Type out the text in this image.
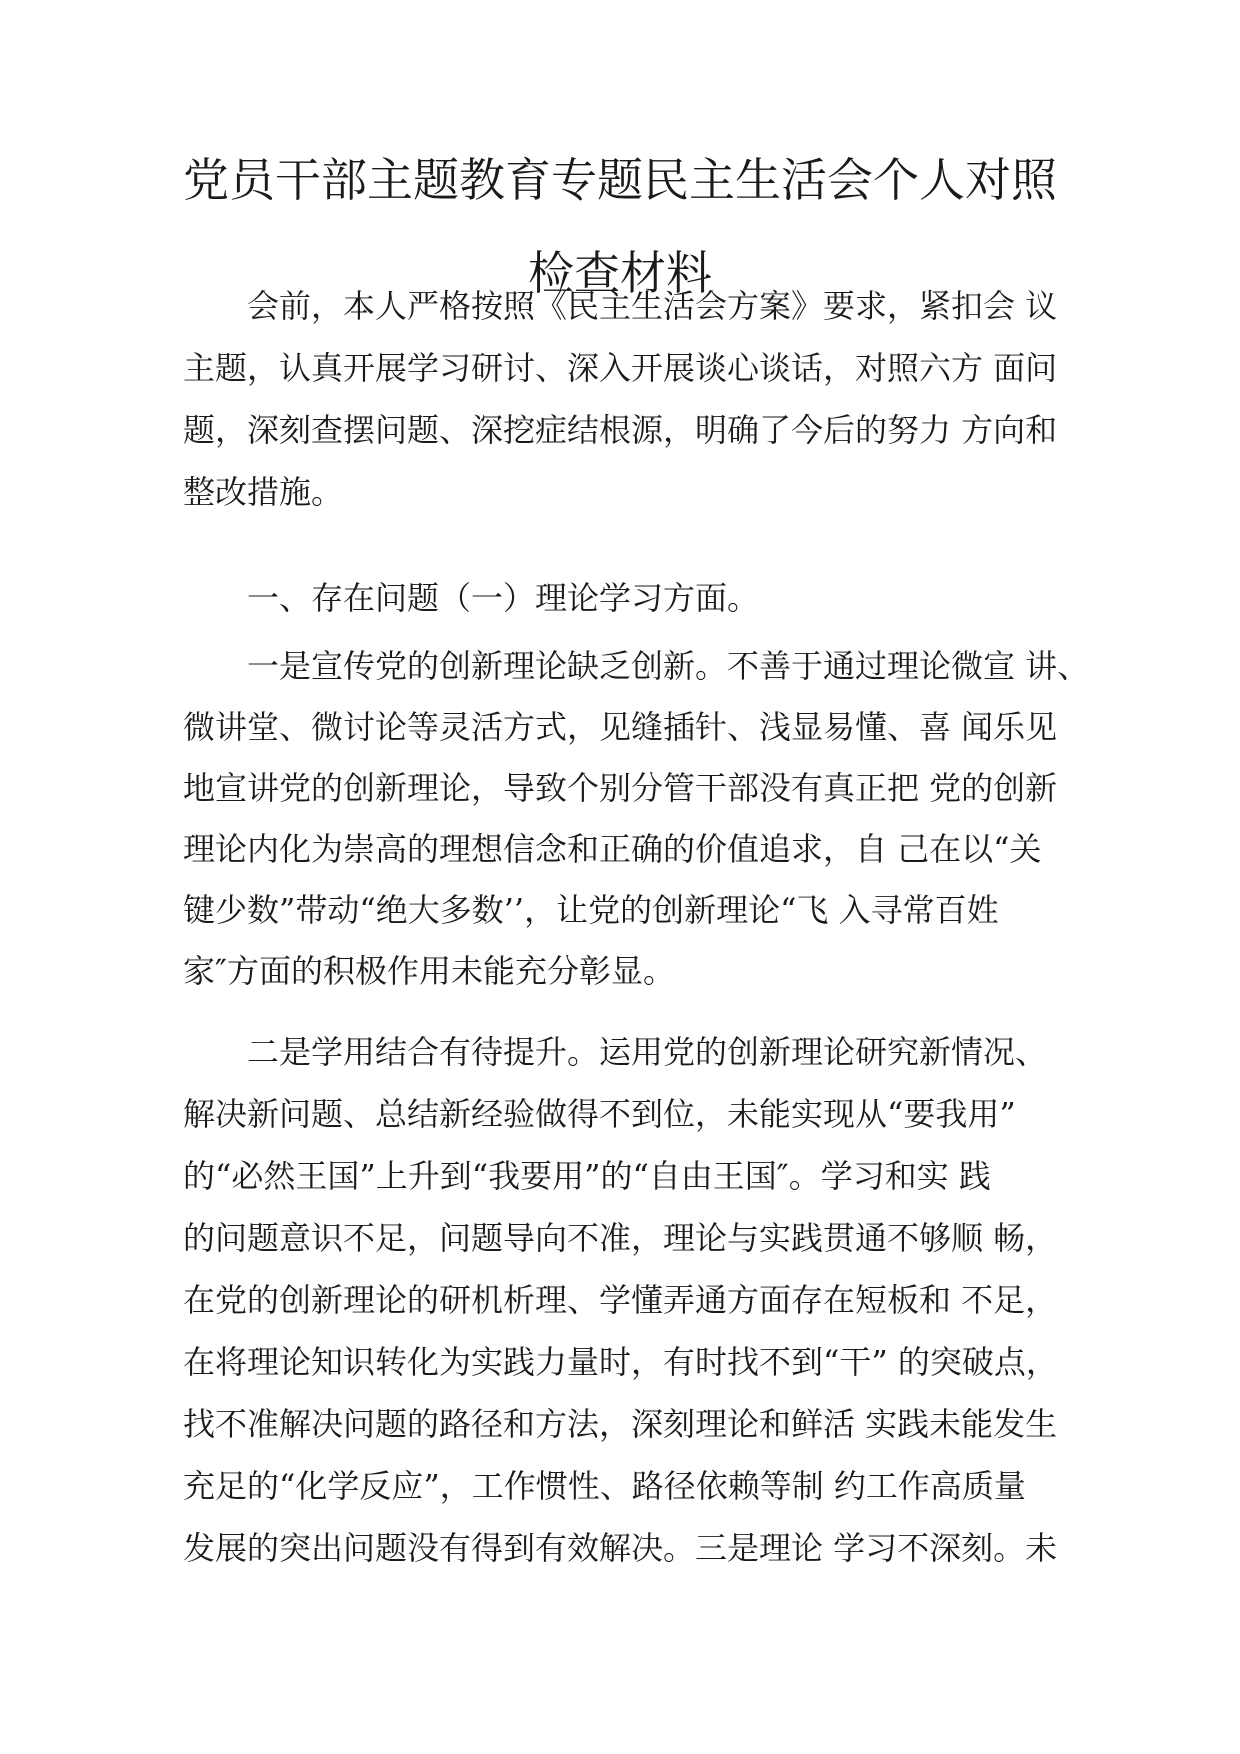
党员干部主题教育专题民主生活会个人对照
检查材料

　　会前，本人严格按照《民主生活会方案》要求，紧扣会 议

主题，认真开展学习研讨、深入开展谈心谈话，对照六方 面问

题，深刻查摆问题、深挖症结根源，明确了今后的努力 方向和

整改措施。

　　一、存在问题（一）理论学习方面。

　　一是宣传党的创新理论缺乏创新。不善于通过理论微宣 讲、

微讲堂、微讨论等灵活方式，见缝插针、浅显易懂、喜 闻乐见

地宣讲党的创新理论，导致个别分管干部没有真正把 党的创新

理论内化为崇高的理想信念和正确的价值追求，自 己在以“关

键少数”带动“绝大多数’’，让党的创新理论“飞 入寻常百姓

家″方面的积极作用未能充分彰显。

　　二是学用结合有待提升。运用党的创新理论研究新情况、

解决新问题、总结新经验做得不到位，未能实现从“要我用”

的“必然王国”上升到“我要用”的“自由王国″。学习和实 践

的问题意识不足，问题导向不准，理论与实践贯通不够顺 畅，

在党的创新理论的研机析理、学懂弄通方面存在短板和 不足，

在将理论知识转化为实践力量时，有时找不到“干” 的突破点，

找不准解决问题的路径和方法，深刻理论和鲜活 实践未能发生

充足的“化学反应”，工作惯性、路径依赖等制 约工作高质量

发展的突出问题没有得到有效解决。三是理论 学习不深刻。未
